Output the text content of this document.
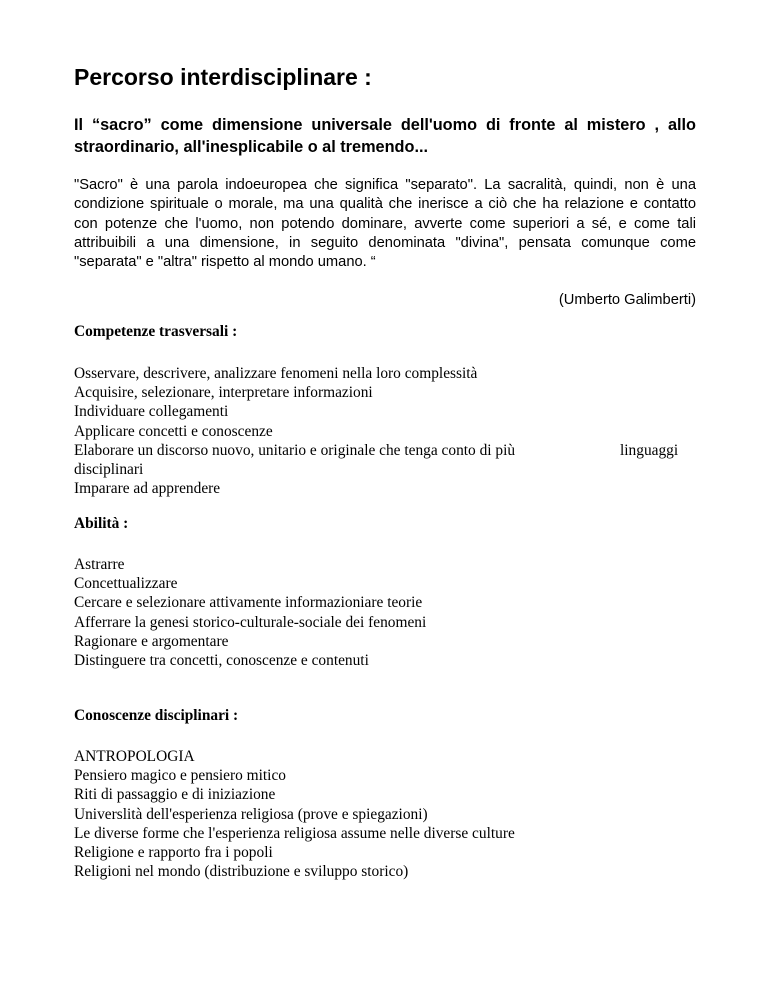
Percorso interdisciplinare :

Il “sacro” come dimensione universale dell'uomo di fronte al mistero , allo straordinario, all'inesplicabile o al tremendo...

"Sacro" è una parola indoeuropea che significa "separato". La sacralità, quindi, non è una condizione spirituale o morale, ma una qualità che inerisce a ciò che ha relazione e contatto con potenze che l'uomo, non potendo dominare, avverte come superiori a sé, e come tali attribuibili a una dimensione, in seguito denominata "divina", pensata comunque come "separata" e "altra" rispetto al mondo umano. “

(Umberto Galimberti)

Competenze trasversali :
Osservare, descrivere, analizzare fenomeni nella loro complessità
Acquisire, selezionare, interpretare informazioni
Individuare collegamenti
Applicare concetti e conoscenze
Elaborare un discorso nuovo, unitario e originale che tenga conto di più	linguaggi
disciplinari
Imparare ad apprendere
Abilità :
Astrarre
Concettualizzare
Cercare e selezionare attivamente informazioniare teorie
Afferrare la genesi storico-culturale-sociale dei fenomeni
Ragionare e argomentare
Distinguere tra concetti, conoscenze e contenuti
Conoscenze disciplinari :
ANTROPOLOGIA
Pensiero magico e pensiero mitico
Riti di passaggio e di iniziazione
Universlità dell'esperienza religiosa (prove e spiegazioni)
Le diverse forme che l'esperienza religiosa assume nelle diverse culture
Religione e rapporto fra i popoli
Religioni nel mondo (distribuzione e sviluppo storico)
